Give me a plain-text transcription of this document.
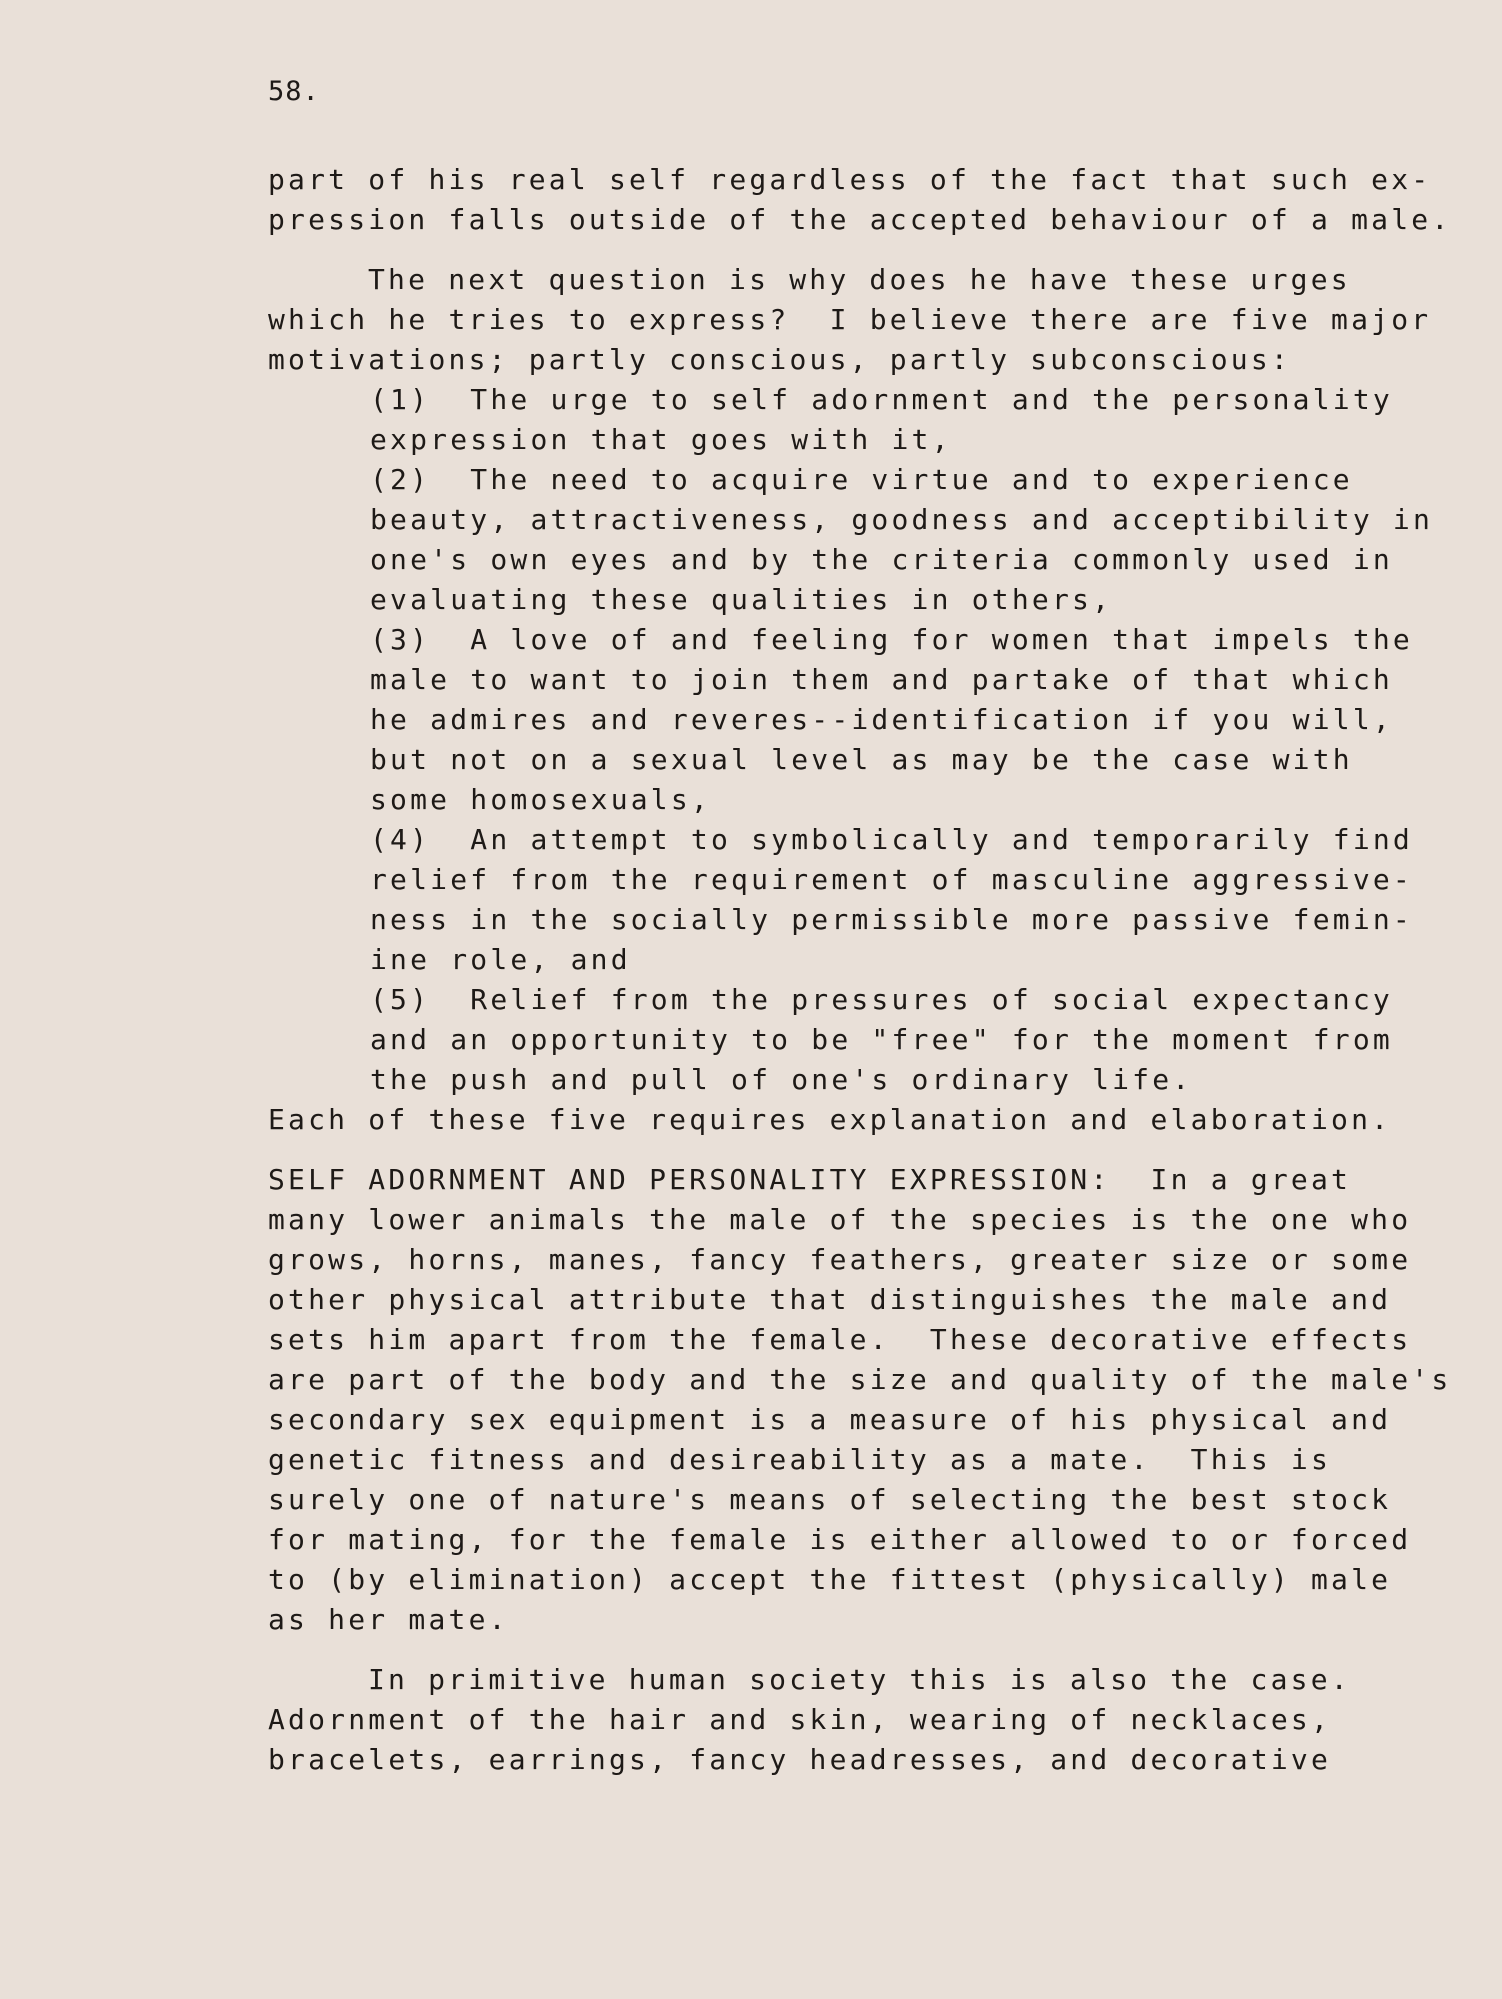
58.
part of his real self regardless of the fact that such ex-
pression falls outside of the accepted behaviour of a male.
The next question is why does he have these urges
which he tries to express?  I believe there are five major
motivations; partly conscious, partly subconscious:
(1)  The urge to self adornment and the personality
expression that goes with it,
(2)  The need to acquire virtue and to experience
beauty, attractiveness, goodness and acceptibility in
one's own eyes and by the criteria commonly used in
evaluating these qualities in others,
(3)  A love of and feeling for women that impels the
male to want to join them and partake of that which
he admires and reveres--identification if you will,
but not on a sexual level as may be the case with
some homosexuals,
(4)  An attempt to symbolically and temporarily find
relief from the requirement of masculine aggressive-
ness in the socially permissible more passive femin-
ine role, and
(5)  Relief from the pressures of social expectancy
and an opportunity to be "free" for the moment from
the push and pull of one's ordinary life.
Each of these five requires explanation and elaboration.
SELF ADORNMENT AND PERSONALITY EXPRESSION:  In a great
many lower animals the male of the species is the one who
grows, horns, manes, fancy feathers, greater size or some
other physical attribute that distinguishes the male and
sets him apart from the female.  These decorative effects
are part of the body and the size and quality of the male's
secondary sex equipment is a measure of his physical and
genetic fitness and desireability as a mate.  This is
surely one of nature's means of selecting the best stock
for mating, for the female is either allowed to or forced
to (by elimination) accept the fittest (physically) male
as her mate.
In primitive human society this is also the case.
Adornment of the hair and skin, wearing of necklaces,
bracelets, earrings, fancy headresses, and decorative
